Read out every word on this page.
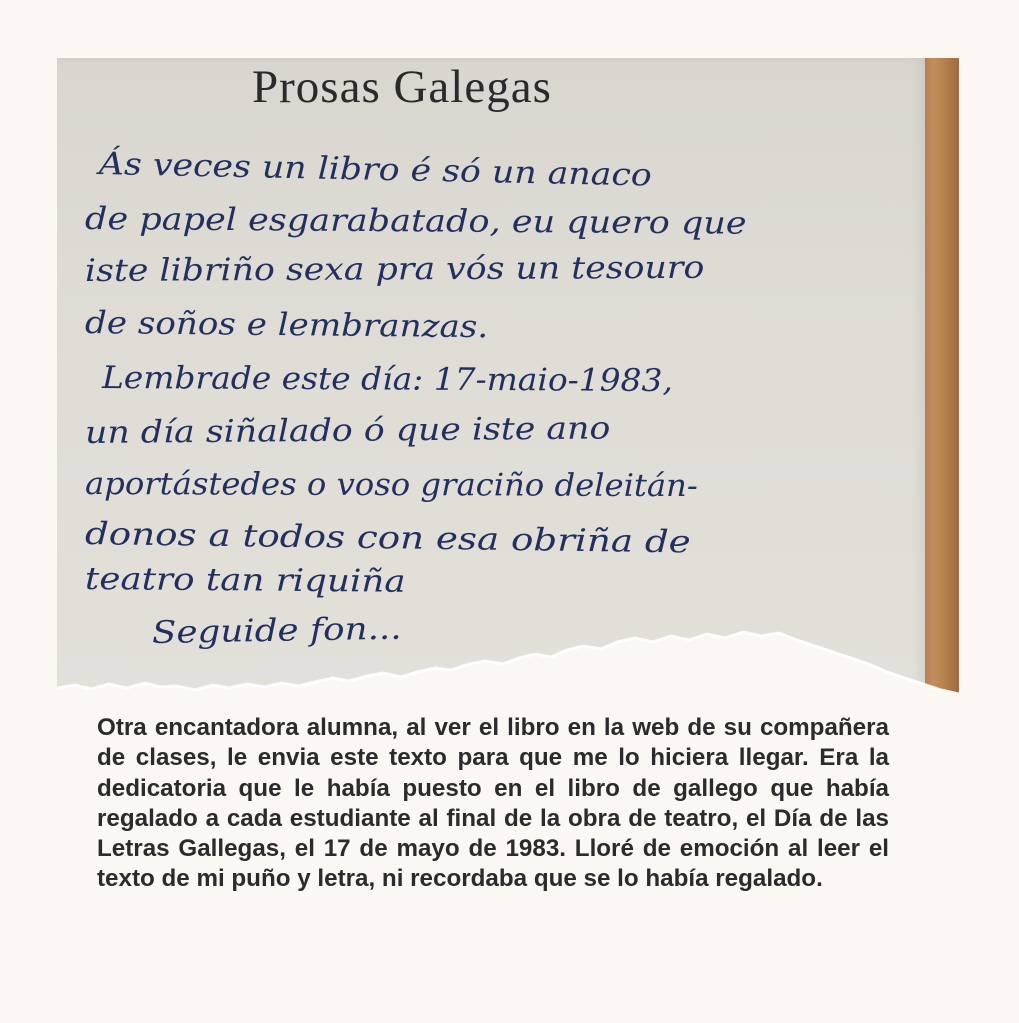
Prosas Galegas

Ás veces un libro é só un anaco

de papel esgarabatado, eu quero que

iste libriño sexa pra vós un tesouro

de soños e lembranzas.

Lembrade este día: 17-maio-1983,

un día siñalado ó que iste ano

aportástedes o voso graciño deleitán-

donos a todos con esa obriña de

teatro tan riquiña

Seguide fon...

Otra encantadora alumna, al ver el libro en la web de su compañera de clases, le envia este texto para que me lo hiciera llegar. Era la dedicatoria que le había puesto en el libro de gallego que había regalado a cada estudiante al final de la obra de teatro, el Día de las Letras Gallegas, el 17 de mayo de 1983. Lloré de emoción al leer el texto de mi puño y letra, ni recordaba que se lo había regalado.
